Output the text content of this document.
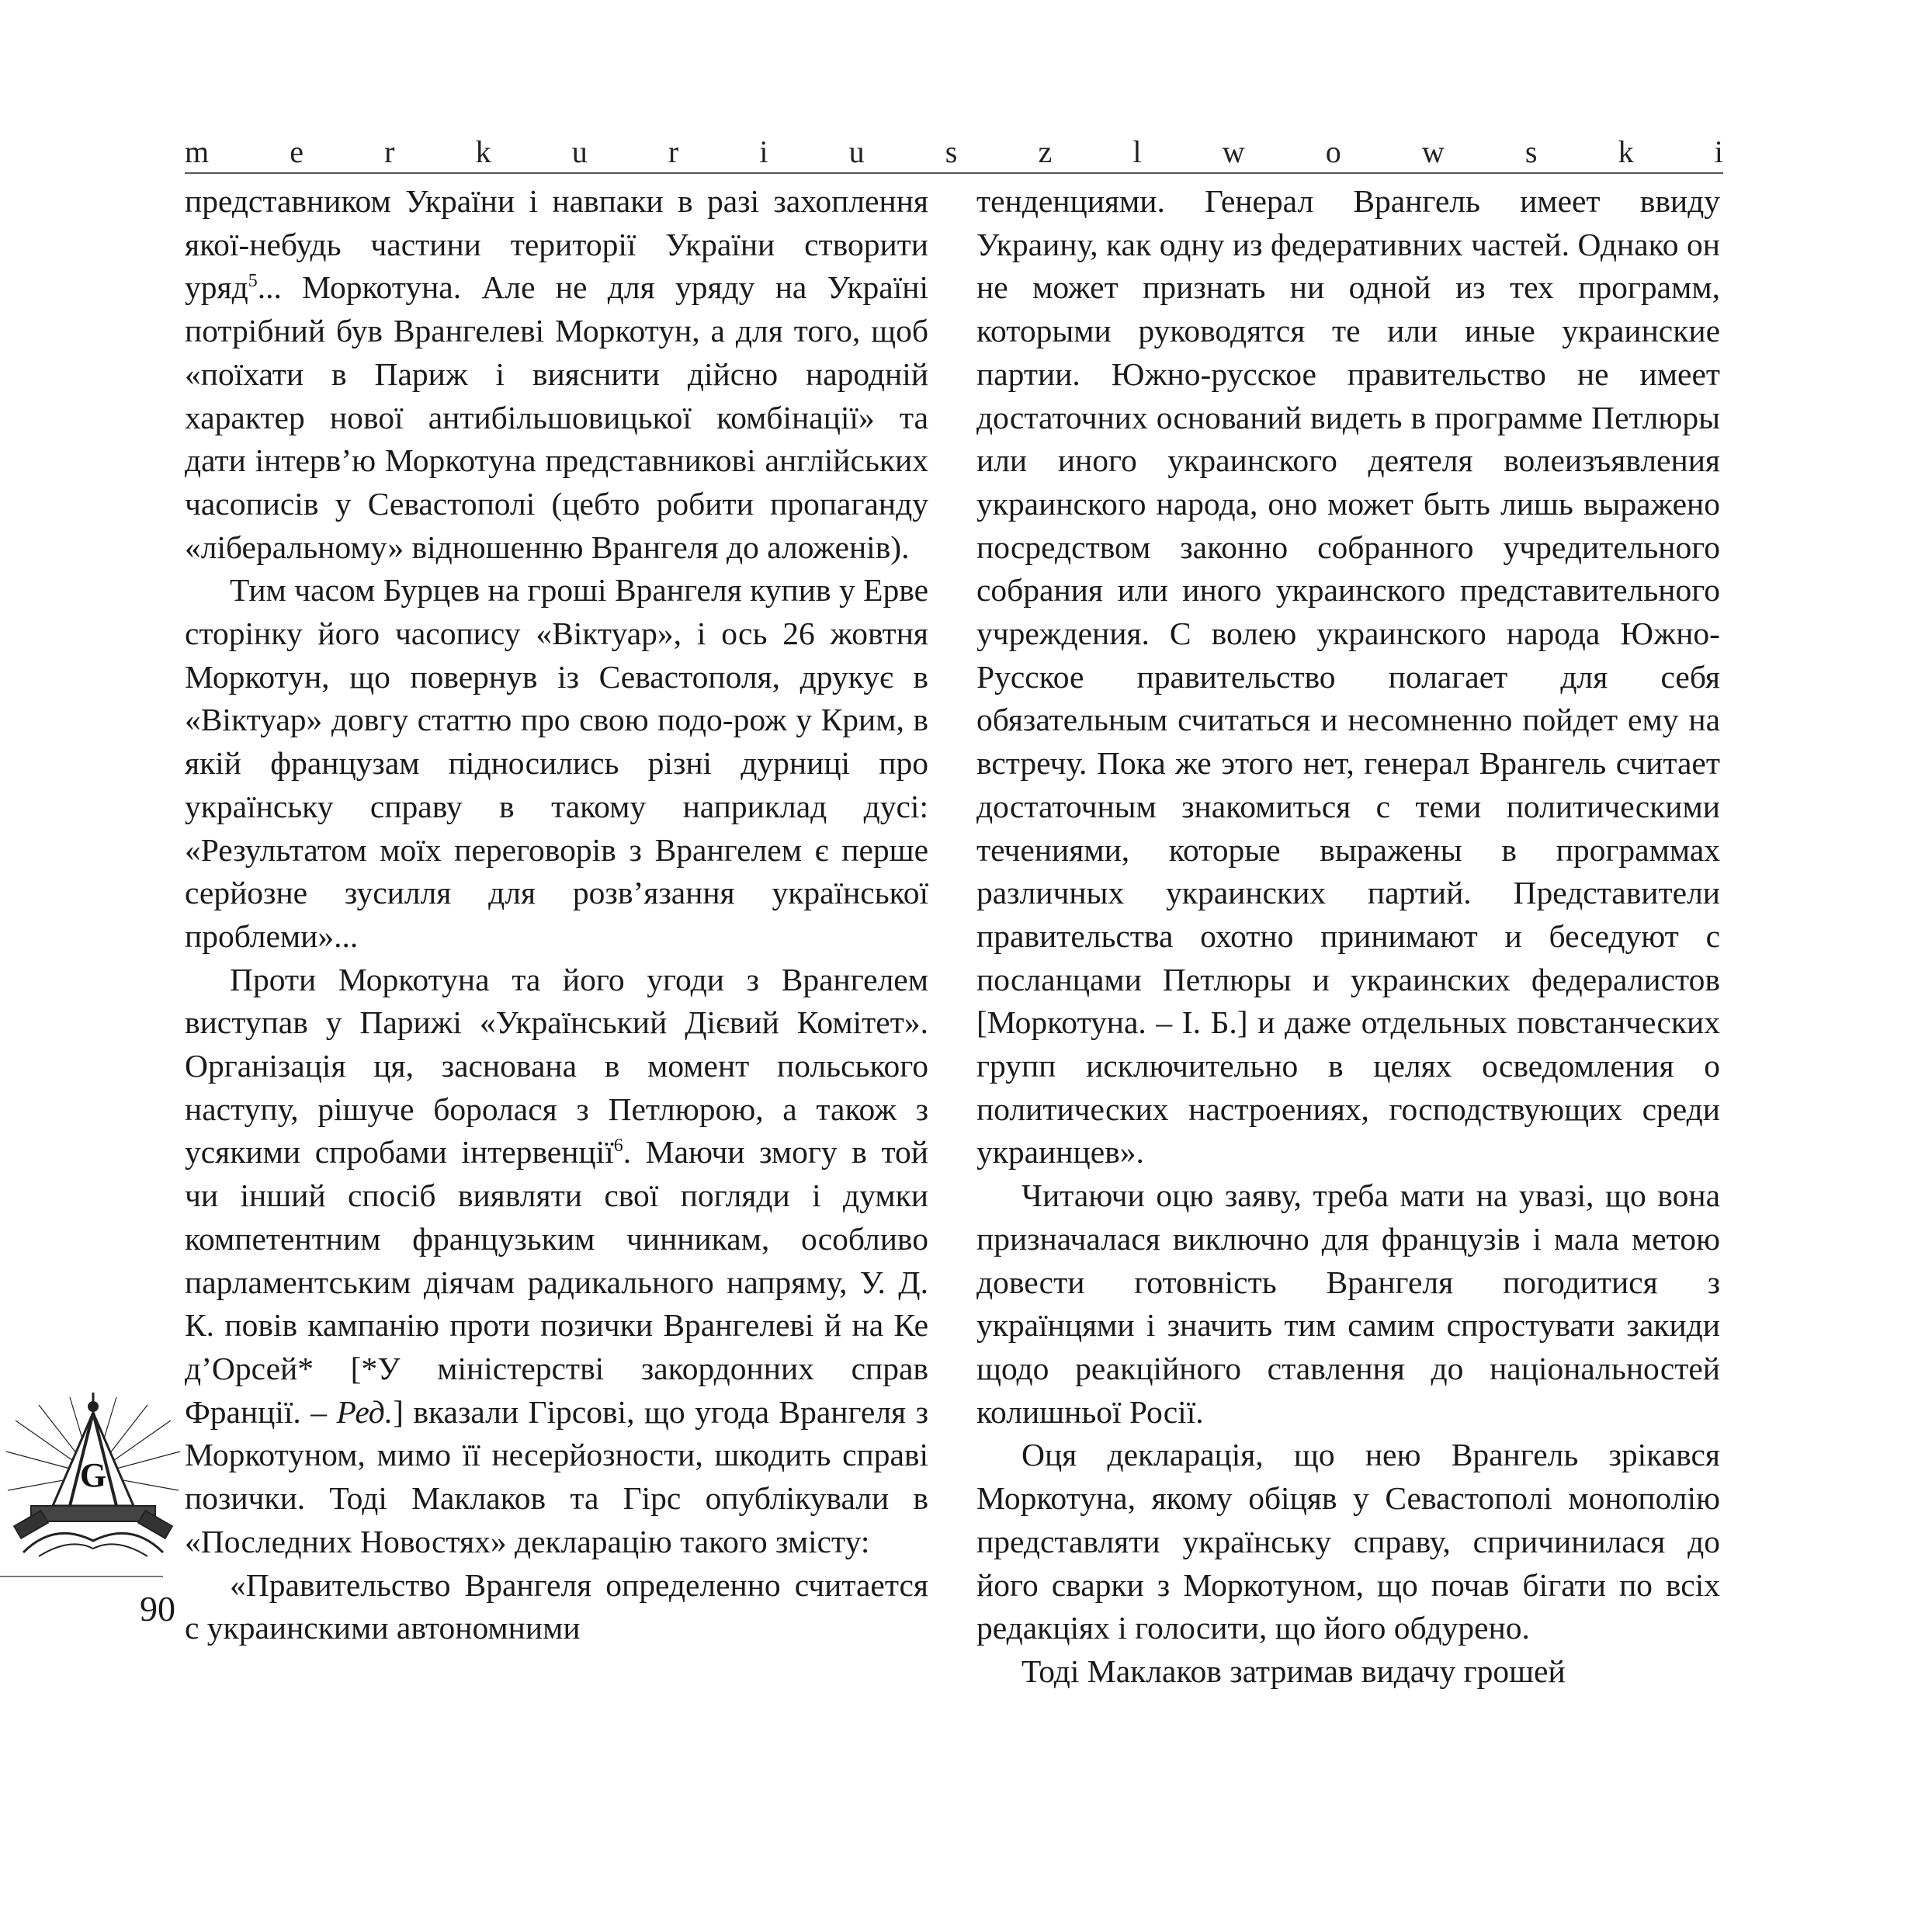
m	e	r	k	u	r	i	u	s	z	l	w	o	w	s	k	i

представником України і навпаки в разі захоплення якої-небудь частини території України створити уряд$^5$... Моркотуна. Але не для уряду на Україні потрібний був Врангелеві Моркотун, а для того, щоб «поїхати в Париж і вияснити дійсно народній характер нової антибільшовицької комбінації» та дати інтерв’ю Моркотуна представникові англійських часописів у Севастополі (цебто робити пропаганду «ліберальному» відношенню Врангеля до аложенів).

Тим часом Бурцев на гроші Врангеля купив у Ерве сторінку його часопису «Віктуар», і ось 26 жовтня Моркотун, що повернув із Севастополя, друкує в «Віктуар» довгу статтю про свою подо-рож у Крим, в якій французам підносились різні дурниці про українську справу в такому наприклад дусі: «Результатом моїх переговорів з Врангелем є перше серйозне зусилля для розв’язання української проблеми»...

Проти Моркотуна та його угоди з Врангелем виступав у Парижі «Український Дієвий Комітет». Організація ця, заснована в момент польського наступу, рішуче боролася з Петлюрою, а також з усякими спробами інтервенції$^6$. Маючи змогу в той чи інший спосіб виявляти свої погляди і думки компетентним французьким чинникам, особливо парламентським діячам радикального напряму, У. Д. К. повів кампанію проти позички Врангелеві й на Ке д’Орсей* [*У міністерстві закордонних справ Франції. – Ред.] вказали Гірсові, що угода Врангеля з Моркотуном, мимо її несерйозности, шкодить справі позички. Тоді Маклаков та Гірс опублікували в «Последних Новостях» декларацію такого змісту:

«Правительство Врангеля определенно считается с украинскими автономними

тенденциями. Генерал Врангель имеет ввиду Украину, как одну из федеративних частей. Однако он не может признать ни одной из тех программ, которыми руководятся те или иные украинские партии. Южно-русское правительство не имеет достаточних оснований видеть в программе Петлюры или иного украинского деятеля волеизъявления украинского народа, оно может быть лишь выражено посредством законно собранного учредительного собрания или иного украинского представительного учреждения. С волею украинского народа Южно-Русское правительство полагает для себя обязательным считаться и несомненно пойдет ему на встречу. Пока же этого нет, генерал Врангель считает достаточным знакомиться с теми политическими течениями, которые выражены в программах различных украинских партий. Представители правительства охотно принимают и беседуют с посланцами Петлюры и украинских федералистов [Моркотуна. – І. Б.] и даже отдельных повстанческих групп исключительно в целях осведомления о политических настроениях, господствующих среди украинцев».

Читаючи оцю заяву, треба мати на увазі, що вона призначалася виключно для французів і мала метою довести готовність Врангеля погодитися з українцями і значить тим самим спростувати закиди щодо реакційного ставлення до національностей колишньої Росії.

Оця декларація, що нею Врангель зрікався Моркотуна, якому обіцяв у Севастополі монополію представляти українську справу, спричинилася до його сварки з Моркотуном, що почав бігати по всіх редакціях і голосити, що його обдурено.

Тоді Маклаков затримав видачу грошей

G
90
